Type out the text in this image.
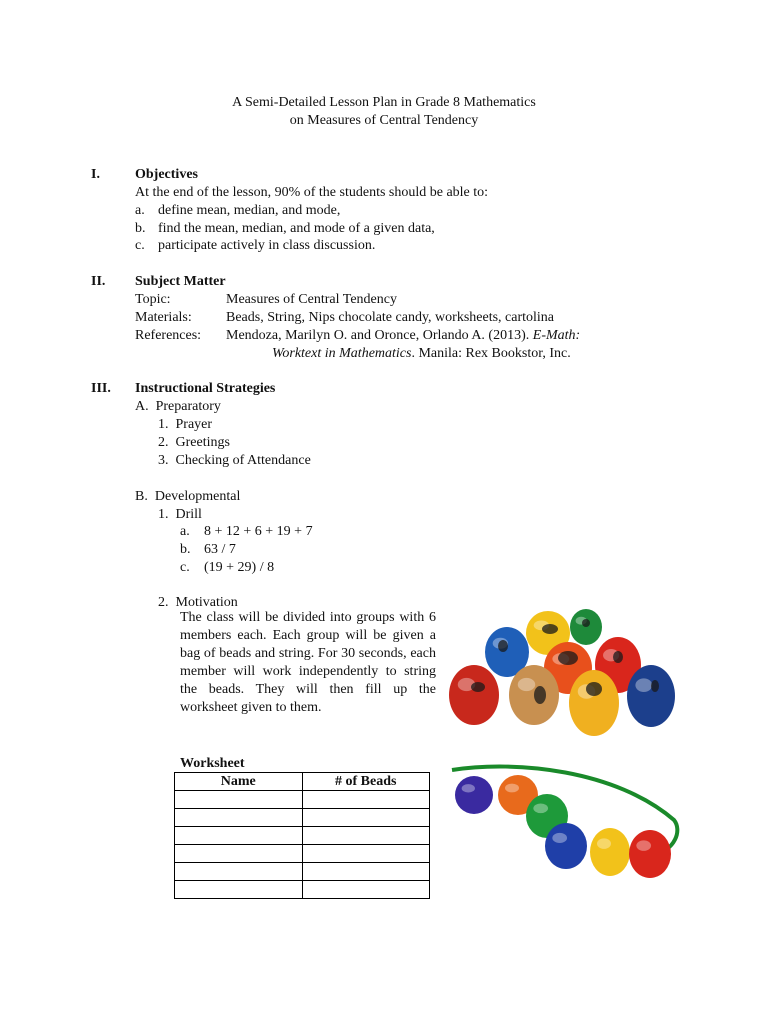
A Semi-Detailed Lesson Plan in Grade 8 Mathematics
on Measures of Central Tendency
I.	Objectives
At the end of the lesson, 90% of the students should be able to:
a. define mean, median, and mode,
b. find the mean, median, and mode of a given data,
c. participate actively in class discussion.
II. Subject Matter
Topic:	Measures of Central Tendency
Materials: Beads, String, Nips chocolate candy, worksheets, cartolina
References: Mendoza, Marilyn O. and Oronce, Orlando A. (2013). E-Math:
Worktext in Mathematics. Manila: Rex Bookstor, Inc.
III. Instructional Strategies
A.  Preparatory
1.  Prayer
2.  Greetings
3.  Checking of Attendance
B.  Developmental
1.  Drill
a. 8 + 12 + 6 + 19 + 7
b. 63 / 7
c. (19 + 29) / 8
2.  Motivation
The class will be divided into groups with 6 members each. Each group will be given a bag of beads and string. For 30 seconds, each member will work independently to string the beads. They will then fill up the worksheet given to them.
Worksheet
Name	# of Beads
